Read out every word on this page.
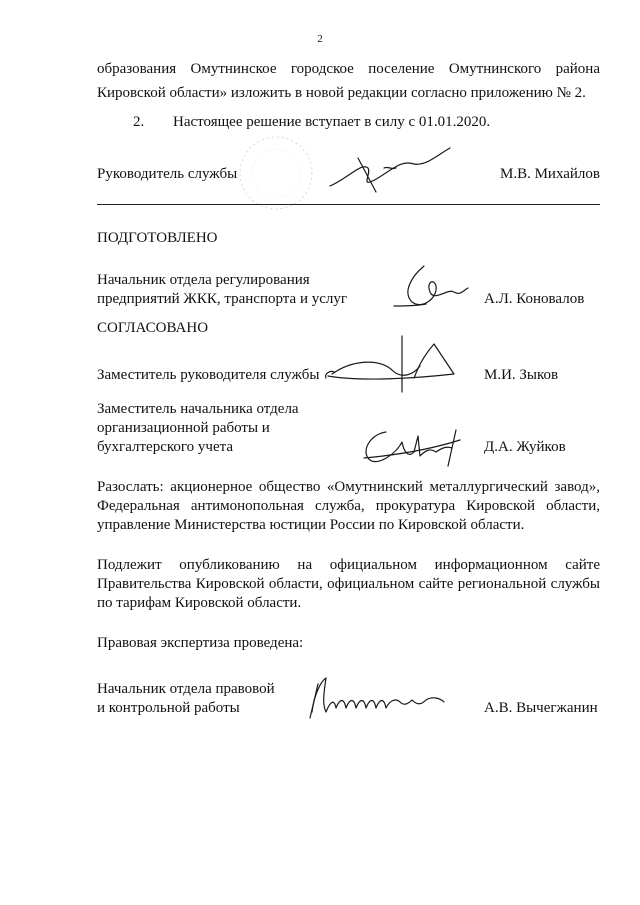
2
образования Омутнинское городское поселение Омутнинского района
Кировской области» изложить в новой редакции согласно приложению № 2.
2. Настоящее решение вступает в силу с 01.01.2020.
Руководитель службы	М.В. Михайлов
ПОДГОТОВЛЕНО
Начальник отдела регулирования
предприятий ЖКК, транспорта и услуг	А.Л. Коновалов
СОГЛАСОВАНО
Заместитель руководителя службы	М.И. Зыков
Заместитель начальника отдела
организационной работы и
бухгалтерского учета	Д.А. Жуйков
Разослать: акционерное общество «Омутнинский металлургический завод»,
Федеральная антимонопольная служба, прокуратура Кировской области,
управление Министерства юстиции России по Кировской области.
Подлежит опубликованию на официальном информационном сайте
Правительства Кировской области, официальном сайте региональной службы
по тарифам Кировской области.
Правовая экспертиза проведена:
Начальник отдела правовой
и контрольной работы	А.В. Вычегжанин
